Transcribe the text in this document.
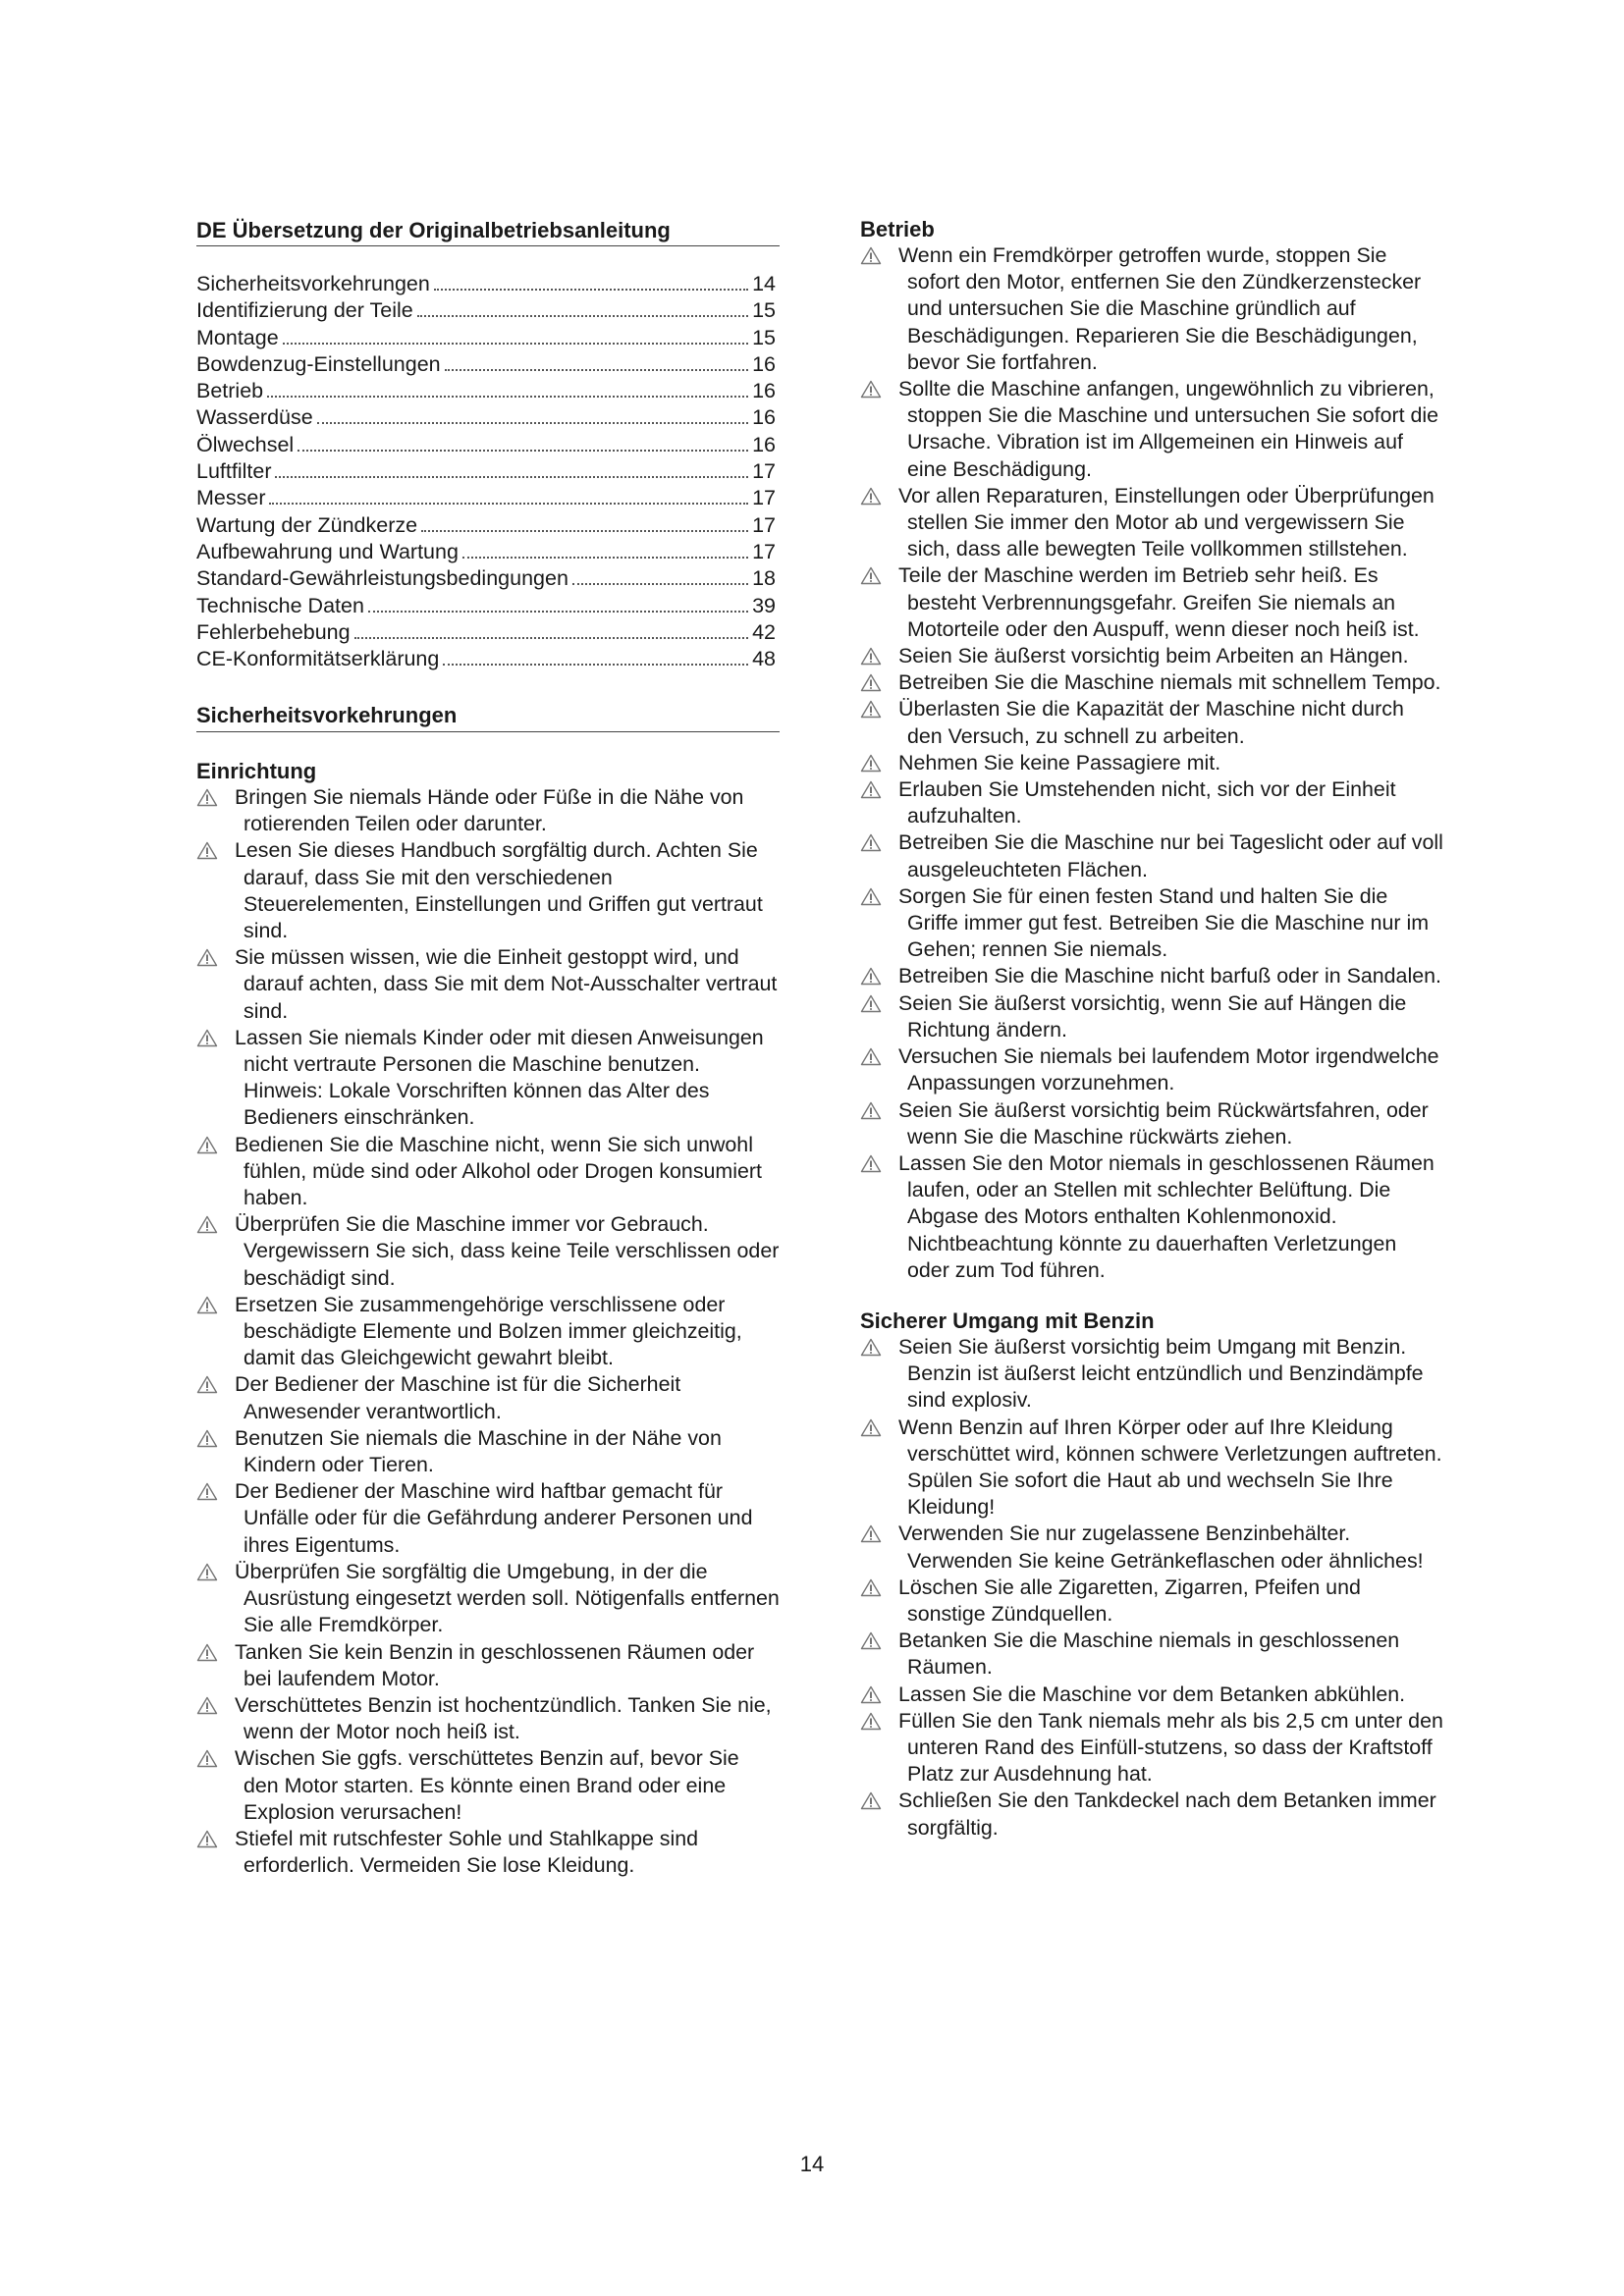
DE Übersetzung der Originalbetriebsanleitung
Sicherheitsvorkehrungen	14
Identifizierung der Teile	15
Montage	15
Bowdenzug-Einstellungen	16
Betrieb	16
Wasserdüse	16
Ölwechsel	16
Luftfilter	17
Messer	17
Wartung der Zündkerze	17
Aufbewahrung und Wartung	17
Standard-Gewährleistungsbedingungen	18
Technische Daten	39
Fehlerbehebung	42
CE-Konformitätserklärung	48
Sicherheitsvorkehrungen
Einrichtung
Bringen Sie niemals Hände oder Füße in die Nähe von rotierenden Teilen oder darunter.
Lesen Sie dieses Handbuch sorgfältig durch. Achten Sie darauf, dass Sie mit den verschiedenen Steuerelementen, Einstellungen und Griffen gut vertraut sind.
Sie müssen wissen, wie die Einheit gestoppt wird, und darauf achten, dass Sie mit dem Not-Ausschalter vertraut sind.
Lassen Sie niemals Kinder oder mit diesen Anweisungen nicht vertraute Personen die Maschine benutzen. Hinweis: Lokale Vorschriften können das Alter des Bedieners einschränken.
Bedienen Sie die Maschine nicht, wenn Sie sich unwohl fühlen, müde sind oder Alkohol oder Drogen konsumiert haben.
Überprüfen Sie die Maschine immer vor Gebrauch. Vergewissern Sie sich, dass keine Teile verschlissen oder beschädigt sind.
Ersetzen Sie zusammengehörige verschlissene oder beschädigte Elemente und Bolzen immer gleichzeitig, damit das Gleichgewicht gewahrt bleibt.
Der Bediener der Maschine ist für die Sicherheit Anwesender verantwortlich.
Benutzen Sie niemals die Maschine in der Nähe von Kindern oder Tieren.
Der Bediener der Maschine wird haftbar gemacht für Unfälle oder für die Gefährdung anderer Personen und ihres Eigentums.
Überprüfen Sie sorgfältig die Umgebung, in der die Ausrüstung eingesetzt werden soll. Nötigenfalls entfernen Sie alle Fremdkörper.
Tanken Sie kein Benzin in geschlossenen Räumen oder bei laufendem Motor.
Verschüttetes Benzin ist hochentzündlich. Tanken Sie nie, wenn der Motor noch heiß ist.
Wischen Sie ggfs. verschüttetes Benzin auf, bevor Sie den Motor starten. Es könnte einen Brand oder eine Explosion verursachen!
Stiefel mit rutschfester Sohle und Stahlkappe sind erforderlich. Vermeiden Sie lose Kleidung.
Betrieb
Wenn ein Fremdkörper getroffen wurde, stoppen Sie sofort den Motor, entfernen Sie den Zündkerzenstecker und untersuchen Sie die Maschine gründlich auf Beschädigungen. Reparieren Sie die Beschädigungen, bevor Sie fortfahren.
Sollte die Maschine anfangen, ungewöhnlich zu vibrieren, stoppen Sie die Maschine und untersuchen Sie sofort die Ursache. Vibration ist im Allgemeinen ein Hinweis auf eine Beschädigung.
Vor allen Reparaturen, Einstellungen oder Überprüfungen stellen Sie immer den Motor ab und vergewissern Sie sich, dass alle bewegten Teile vollkommen stillstehen.
Teile der Maschine werden im Betrieb sehr heiß. Es besteht Verbrennungsgefahr. Greifen Sie niemals an Motorteile oder den Auspuff, wenn dieser noch heiß ist.
Seien Sie äußerst vorsichtig beim Arbeiten an Hängen.
Betreiben Sie die Maschine niemals mit schnellem Tempo.
Überlasten Sie die Kapazität der Maschine nicht durch den Versuch, zu schnell zu arbeiten.
Nehmen Sie keine Passagiere mit.
Erlauben Sie Umstehenden nicht, sich vor der Einheit aufzuhalten.
Betreiben Sie die Maschine nur bei Tageslicht oder auf voll ausgeleuchteten Flächen.
Sorgen Sie für einen festen Stand und halten Sie die Griffe immer gut fest. Betreiben Sie die Maschine nur im Gehen; rennen Sie niemals.
Betreiben Sie die Maschine nicht barfuß oder in Sandalen.
Seien Sie äußerst vorsichtig, wenn Sie auf Hängen die Richtung ändern.
Versuchen Sie niemals bei laufendem Motor irgendwelche Anpassungen vorzunehmen.
Seien Sie äußerst vorsichtig beim Rückwärtsfahren, oder wenn Sie die Maschine rückwärts ziehen.
Lassen Sie den Motor niemals in geschlossenen Räumen laufen, oder an Stellen mit schlechter Belüftung. Die Abgase des Motors enthalten Kohlenmonoxid. Nichtbeachtung könnte zu dauerhaften Verletzungen oder zum Tod führen.
Sicherer Umgang mit Benzin
Seien Sie äußerst vorsichtig beim Umgang mit Benzin. Benzin ist äußerst leicht entzündlich und Benzindämpfe sind explosiv.
Wenn Benzin auf Ihren Körper oder auf Ihre Kleidung verschüttet wird, können schwere Verletzungen auftreten. Spülen Sie sofort die Haut ab und wechseln Sie Ihre Kleidung!
Verwenden Sie nur zugelassene Benzinbehälter. Verwenden Sie keine Getränkeflaschen oder ähnliches!
Löschen Sie alle Zigaretten, Zigarren, Pfeifen und sonstige Zündquellen.
Betanken Sie die Maschine niemals in geschlossenen Räumen.
Lassen Sie die Maschine vor dem Betanken abkühlen.
Füllen Sie den Tank niemals mehr als bis 2,5 cm unter den unteren Rand des Einfüll-stutzens, so dass der Kraftstoff Platz zur Ausdehnung hat.
Schließen Sie den Tankdeckel nach dem Betanken immer sorgfältig.
14
